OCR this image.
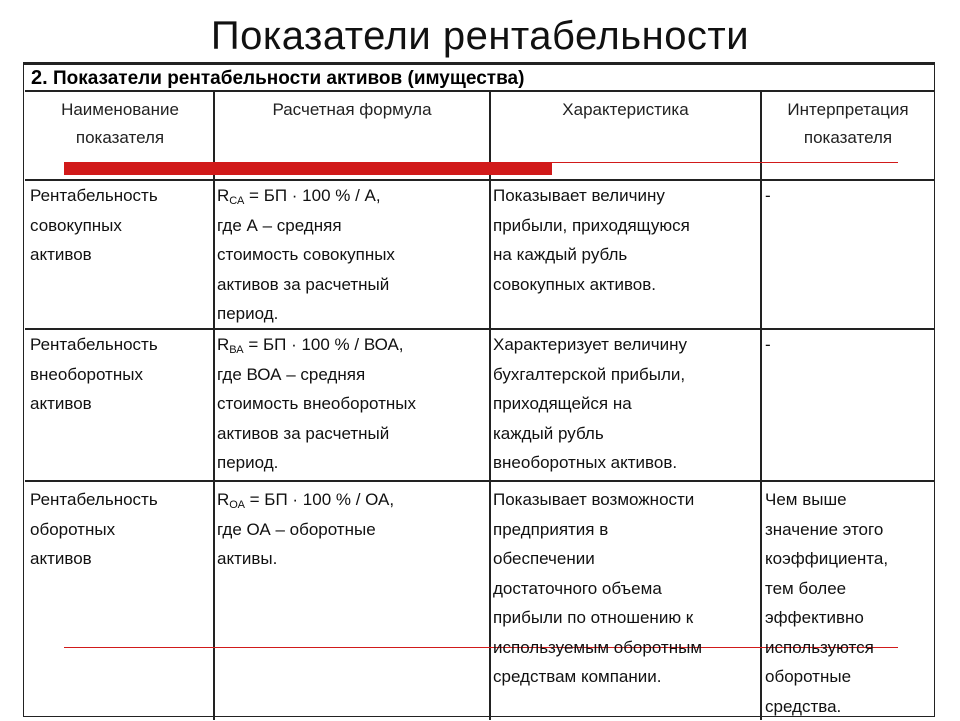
Показатели рентабельности
2. Показатели рентабельности активов (имущества)
Наименование
показателя
Расчетная формула	Характеристика	Интерпретация
показателя
Рентабельность
совокупных
активов
$R_{СА}$ = БП · 100 % / А,
где А – средняя
стоимость совокупных
активов за расчетный
период.
Показывает величину
прибыли, приходящуюся
на каждый рубль
совокупных активов.
-
Рентабельность
внеоборотных
активов
$R_{ВА}$ = БП · 100 % / ВОА,
где ВОА – средняя
стоимость внеоборотных
активов за расчетный
период.
Характеризует величину
бухгалтерской прибыли,
приходящейся на
каждый рубль
внеоборотных активов.
-
Рентабельность
оборотных
активов
$R_{ОА}$ = БП · 100 % / ОА,
где ОА – оборотные
активы.
Показывает возможности
предприятия в
обеспечении
достаточного объема
прибыли по отношению к
используемым оборотным
средствам компании.
Чем выше
значение этого
коэффициента,
тем более
эффективно
используются
оборотные
средства.
